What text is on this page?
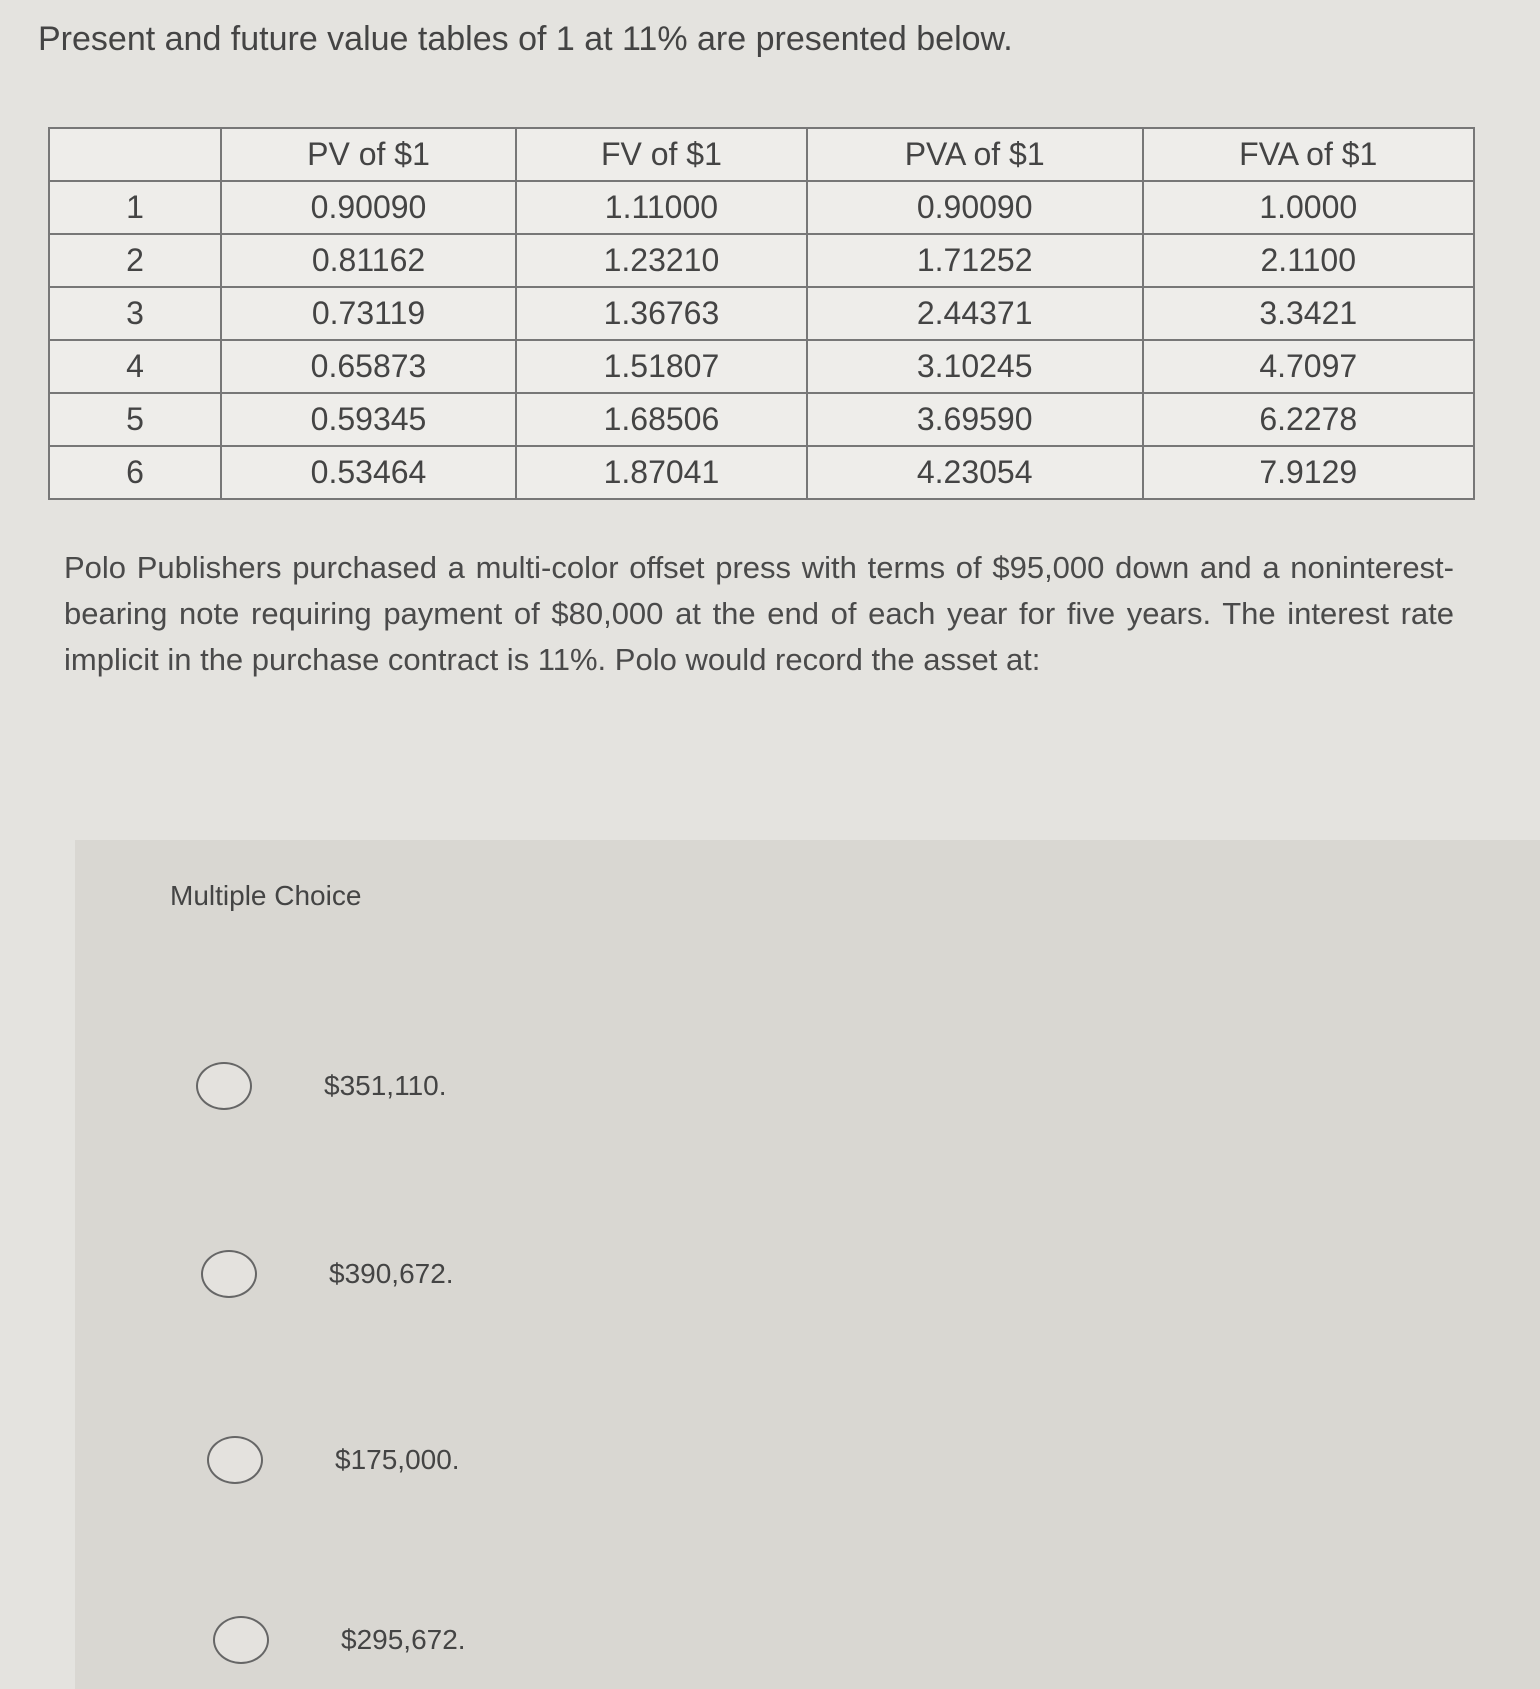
Present and future value tables of 1 at 11% are presented below.
	PV of $1	FV of $1	PVA of $1	FVA of $1
1	0.90090	1.11000	0.90090	1.0000
2	0.81162	1.23210	1.71252	2.1100
3	0.73119	1.36763	2.44371	3.3421
4	0.65873	1.51807	3.10245	4.7097
5	0.59345	1.68506	3.69590	6.2278
6	0.53464	1.87041	4.23054	7.9129
Polo Publishers purchased a multi-color offset press with terms of $95,000 down and a noninterest-bearing note requiring payment of $80,000 at the end of each year for five years. The interest rate implicit in the purchase contract is 11%. Polo would record the asset at:
Multiple Choice
$351,110.
$390,672.
$175,000.
$295,672.
